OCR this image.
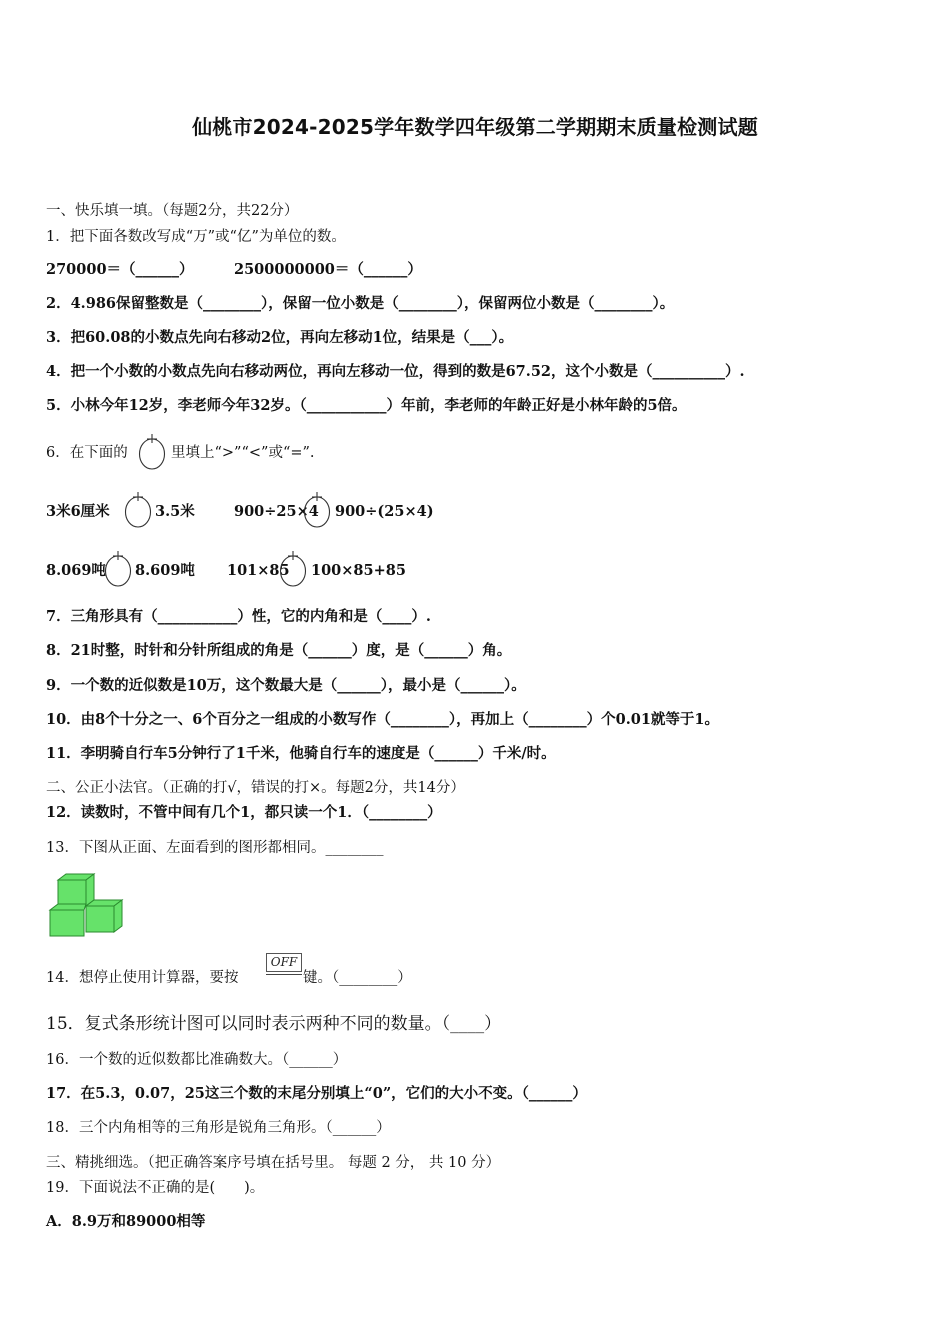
仙桃市2024-2025学年数学四年级第二学期期末质量检测试题
一、快乐填一填。（每题2分，共22分）
1．把下面各数改写成“万”或“亿”为单位的数。
270000＝（______）	2500000000＝（______）
2．4.986保留整数是（________），保留一位小数是（________），保留两位小数是（________）。
3．把60.08的小数点先向右移动2位，再向左移动1位，结果是（___）。
4．把一个小数的小数点先向右移动两位，再向左移动一位，得到的数是67.52，这个小数是（__________）.
5．小林今年12岁，李老师今年32岁。（___________）年前，李老师的年龄正好是小林年龄的5倍。
6．在下面的	里填上“>”“<”或“=”.
3米6厘米	3.5米	900÷25×4 900÷(25×4)
8.069吨 8.609吨 101×85 100×85+85
7．三角形具有（___________）性，它的内角和是（____）.
8．21时整，时针和分针所组成的角是（______）度，是（______）角。
9．一个数的近似数是10万，这个数最大是（______），最小是（______）。
10．由8个十分之一、6个百分之一组成的小数写作（________），再加上（________）个0.01就等于1。
11．李明骑自行车5分钟行了1千米，他骑自行车的速度是（______）千米/时。
二、公正小法官。（正确的打√，错误的打×。每题2分，共14分）
12．读数时，不管中间有几个1，都只读一个1．（________）
13．下图从正面、左面看到的图形都相同。________
14．想停止使用计算器，要按
OFF
键。（________）
15．复式条形统计图可以同时表示两种不同的数量。（____）
16．一个数的近似数都比准确数大。（______）
17．在5.3，0.07，25这三个数的末尾分别填上“0”，它们的大小不变。（______）
18．三个内角相等的三角形是锐角三角形。（______）
三、精挑细选。（把正确答案序号填在括号里。 每题 2 分， 共 10 分）
19．下面说法不正确的是(　　)。
A．8.9万和89000相等
